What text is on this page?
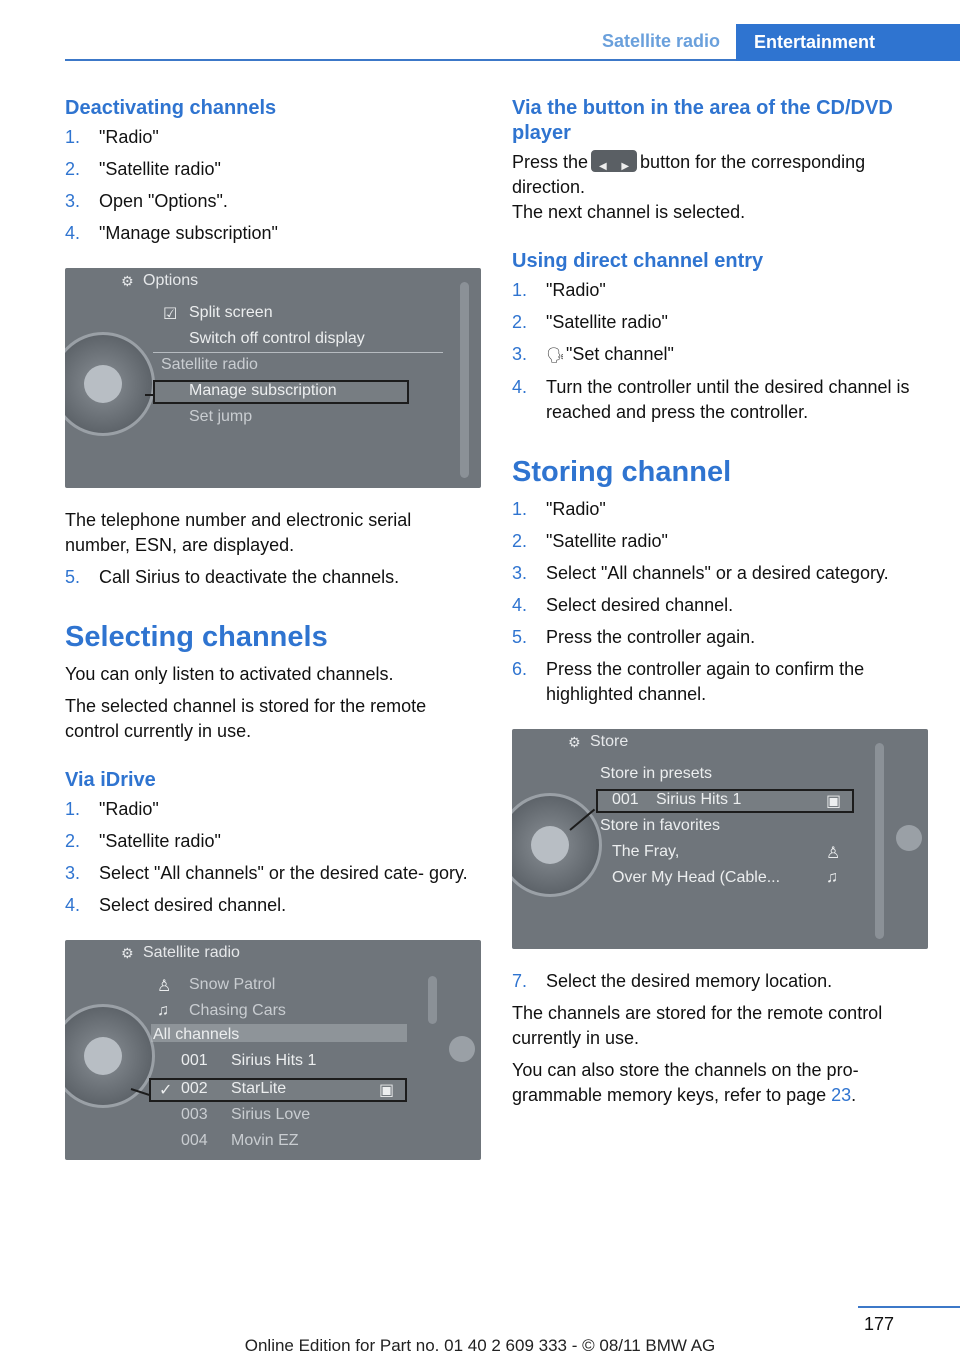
Satellite radio	Entertainment
Deactivating channels
1.	"Radio"
2.	"Satellite radio"
3.	Open "Options".
4.	"Manage subscription"
⚙ Options
☑ Split screen
Switch off control display
Satellite radio
Manage subscription
Set jump

The telephone number and electronic serial number, ESN, are displayed.

5.	Call Sirius to deactivate the channels.
Selecting channels

You can only listen to activated channels.

The selected channel is stored for the remote control currently in use.

Via iDrive
1.	"Radio"
2.	"Satellite radio"
3.	Select "All channels" or the desired cate- gory.
4.	Select desired channel.
⚙ Satellite radio
♙ Snow Patrol
♫ Chasing Cars
All channels
001 Sirius Hits 1
✓ 002 StarLite	▣
003 Sirius Love
004 Movin EZ
Via the button in the area of the CD/DVD player

Press the◀ ▶	button for the corresponding direction.
The next channel is selected.

Using direct channel entry
1.	"Radio"
2.	"Satellite radio"
3.	🗣"Set channel"
4.	Turn the controller until the desired channel is reached and press the controller.
Storing channel
1.	"Radio"
2.	"Satellite radio"
3.	Select "All channels" or a desired category.
4.	Select desired channel.
5.	Press the controller again.
6.	Press the controller again to confirm the highlighted channel.
⚙ Store
Store in presets
001 Sirius Hits 1	▣
Store in favorites
The Fray,	♙
Over My Head (Cable...	♫
7.	Select the desired memory location.

The channels are stored for the remote control currently in use.

You can also store the channels on the pro- grammable memory keys, refer to page 23.

177
Online Edition for Part no. 01 40 2 609 333 - © 08/11 BMW AG
